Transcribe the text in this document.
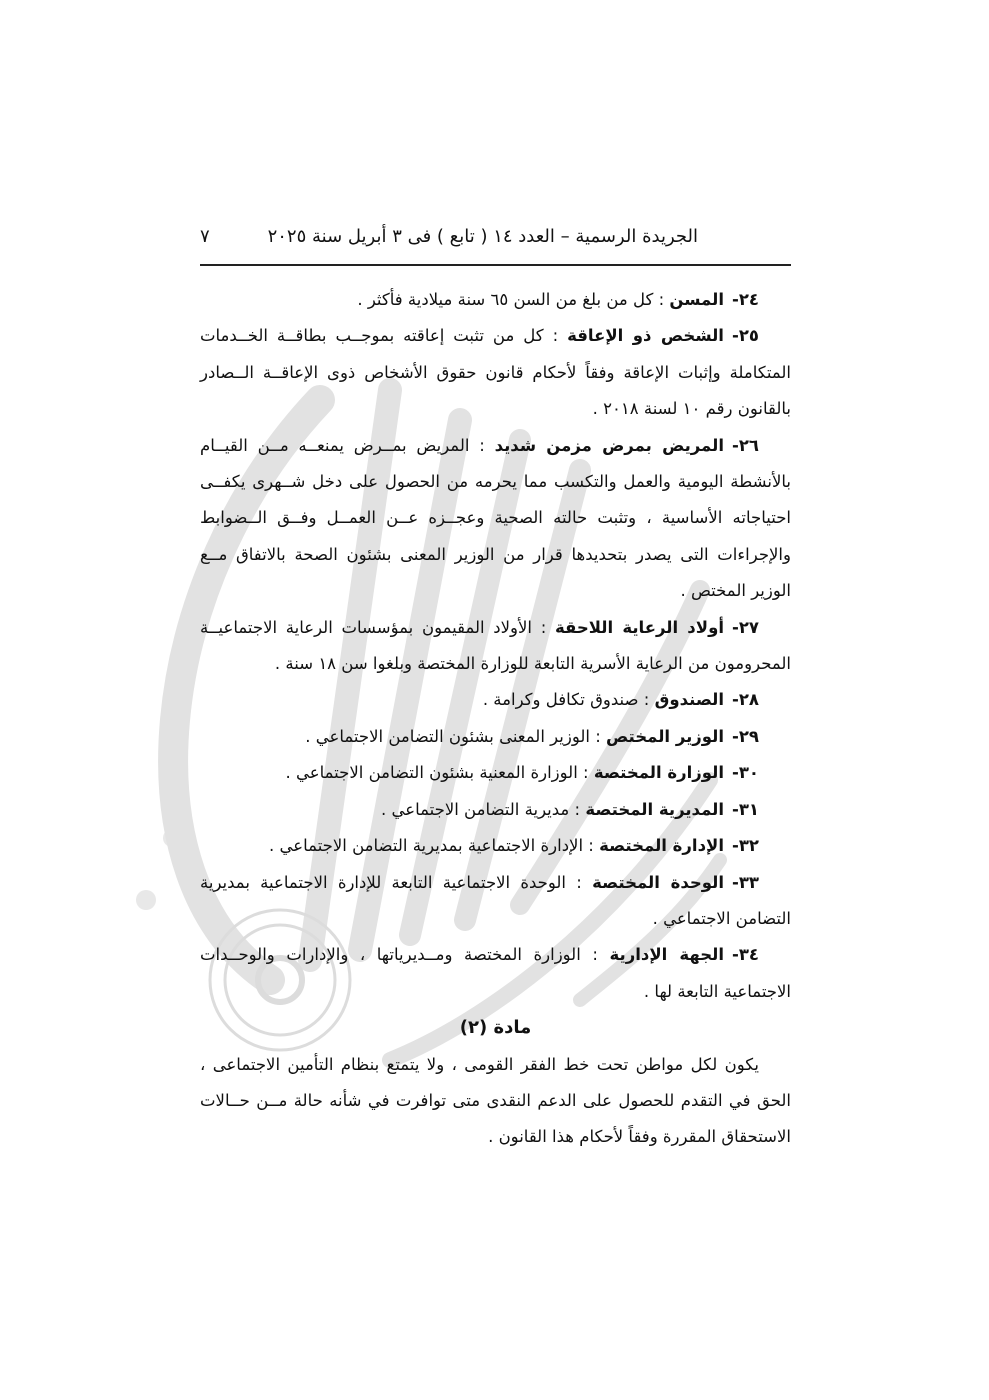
الجريدة الرسمية – العدد ١٤ ( تابع ) فى ٣ أبريل سنة ٢٠٢٥
٧

٢٤-المسن : كل من بلغ من السن ٦٥ سنة ميلادية فأكثر .

٢٥-الشخص ذو الإعاقة : كل من تثبت إعاقته بموجــب بطاقــة الخــدمات

المتكاملة وإثبات الإعاقة وفقاً لأحكام قانون حقوق الأشخاص ذوى الإعاقــة الــصادر

بالقانون رقم ١٠ لسنة ٢٠١٨ .

٢٦-المريض بمرض مزمن شديد : المريض بمــرض يمنعــه مــن القيــام

بالأنشطة اليومية والعمل والتكسب مما يحرمه من الحصول على دخل شــهرى يكفــى

احتياجاته الأساسية ، وتثبت حالته الصحية وعجــزه عــن العمــل وفــق الــضوابط

والإجراءات التى يصدر بتحديدها قرار من الوزير المعنى بشئون الصحة بالاتفاق مــع

الوزير المختص .

٢٧-أولاد الرعاية اللاحقة : الأولاد المقيمون بمؤسسات الرعاية الاجتماعيــة

المحرومون من الرعاية الأسرية التابعة للوزارة المختصة وبلغوا سن ١٨ سنة .

٢٨-الصندوق : صندوق تكافل وكرامة .

٢٩-الوزير المختص : الوزير المعنى بشئون التضامن الاجتماعي .

٣٠-الوزارة المختصة : الوزارة المعنية بشئون التضامن الاجتماعي .

٣١-المديرية المختصة : مديرية التضامن الاجتماعي .

٣٢-الإدارة المختصة : الإدارة الاجتماعية بمديرية التضامن الاجتماعي .

٣٣-الوحدة المختصة : الوحدة الاجتماعية التابعة للإدارة الاجتماعية بمديرية

التضامن الاجتماعي .

٣٤-الجهة الإدارية : الوزارة المختصة ومــديرياتها ، والإدارات والوحــدات

الاجتماعية التابعة لها .

مادة (٢)

يكون لكل مواطن تحت خط الفقر القومى ، ولا يتمتع بنظام التأمين الاجتماعى ،

الحق في التقدم للحصول على الدعم النقدى متى توافرت في شأنه حالة مــن حــالات

الاستحقاق المقررة وفقاً لأحكام هذا القانون .
